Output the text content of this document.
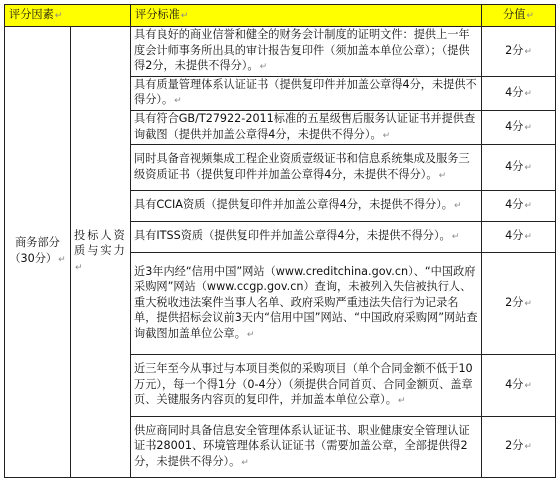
评分因素↵		评分标准↵	分值↵
商务部分（30分）↵	投标人资质与实力↵	具有良好的商业信誉和健全的财务会计制度的证明文件：提供上一年度会计师事务所出具的审计报告复印件（须加盖本单位公章）；（提供得2分，未提供不得分）。↵	2分↵
		具有质量管理体系认证证书（提供复印件并加盖公章得4分，未提供不得分）。↵	4分↵
		具有符合GB/T27922-2011标准的五星级售后服务认证证书并提供查询截图（提供并加盖公章得4分，未提供不得分）。↵	4分↵
		同时具备音视频集成工程企业资质壹级证书和信息系统集成及服务三级资质证书（提供复印件并加盖公章得4分，未提供不得分）。↵	4分↵
		具有CCIA资质（提供复印件并加盖公章得4分，未提供不得分）。↵	4分↵
		具有ITSS资质（提供复印件并加盖公章得4分，未提供不得分）。↵	4分↵
		近3年内经“信用中国”网站（www.creditchina.gov.cn）、“中国政府采购网”网站（www.ccgp.gov.cn）查询，未被列入失信被执行人、重大税收违法案件当事人名单、政府采购严重违法失信行为记录名单，提供招标会议前3天内“信用中国”网站、“中国政府采购网”网站查询截图加盖单位公章。↵	2分↵
		近三年至今从事过与本项目类似的采购项目（单个合同金额不低于10万元），每一个得1分（0-4分）（须提供合同首页、合同金额页、盖章页、关键服务内容页的复印件，并加盖本单位公章）。↵	4分↵
		供应商同时具备信息安全管理体系认证证书、职业健康安全管理认证证书28001、环境管理体系认证证书（需要加盖公章，全部提供得2分，未提供不得分）。↵	2分↵
